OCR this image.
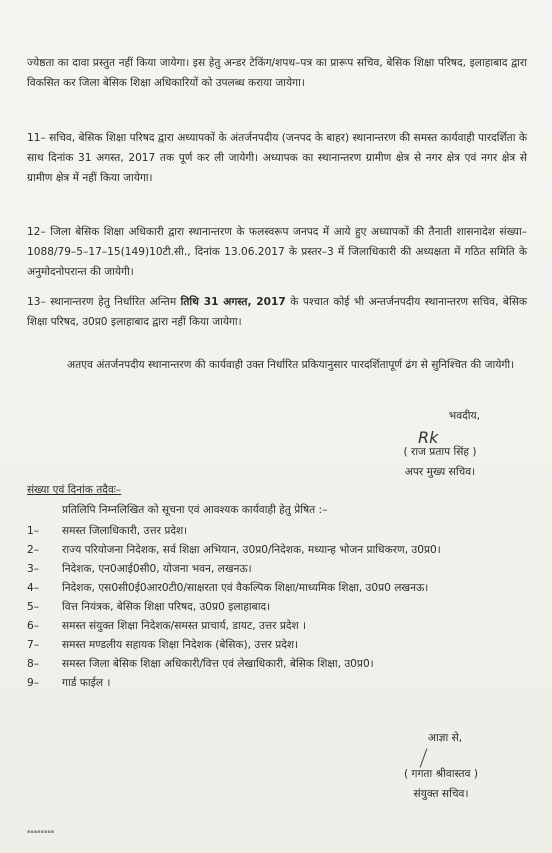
ज्येष्ठता का दावा प्रस्तुत नहीं किया जायेगा। इस हेतु अन्डर टेकिंग/शपथ–पत्र का प्रारूप सचिव, बेसिक शिक्षा परिषद, इलाहाबाद द्वारा विकसित कर जिला बेसिक शिक्षा अधिकारियों को उपलब्ध कराया जायेगा।
11– सचिव, बेसिक शिक्षा परिषद द्वारा अध्यापकों के अंतर्जनपदीय (जनपद के बाहर) स्थानान्तरण की समस्त कार्यवाही पारदर्शिता के साथ दिनांक 31 अगस्त, 2017 तक पूर्ण कर ली जायेगी। अध्यापक का स्थानान्तरण ग्रामीण क्षेत्र से नगर क्षेत्र एवं नगर क्षेत्र से ग्रामीण क्षेत्र में नहीं किया जायेगा।
12– जिला बेसिक शिक्षा अधिकारी द्वारा स्थानान्तरण के फलस्वरूप जनपद में आये हुए अध्यापकों की तैनाती शासनादेश संख्या–1088/79–5–17–15(149)10टी.सी., दिनांक 13.06.2017 के प्रस्तर–3 में जिलाधिकारी की अध्यक्षता में गठित समिति के अनुमोदनोपरान्त की जायेगी।
13– स्थानान्तरण हेतु निर्धारित अन्तिम तिथि 31 अगस्त, 2017 के पश्चात कोई भी अन्तर्जनपदीय स्थानान्तरण सचिव, बेसिक शिक्षा परिषद, उ0प्र0 इलाहाबाद द्वारा नहीं किया जायेगा।
अतएव अंतर्जनपदीय स्थानान्तरण की कार्यवाही उक्त निर्धारित प्रकियानुसार पारदर्शितापूर्ण ढंग से सुनिश्चित की जायेगी।
भवदीय,
Rk
( राज प्रताप सिंह )
अपर मुख्य सचिव।
संख्या एवं दिनांक तदैवः–
प्रतिलिपि निम्नलिखित को सूचना एवं आवश्यक कार्यवाही हेतु प्रेषित :–
1–	समस्त जिलाधिकारी, उत्तर प्रदेश।
2–	राज्य परियोजना निदेशक, सर्व शिक्षा अभियान, उ0प्र0/निदेशक, मध्यान्ह भोजन प्राधिकरण, उ0प्र0।
3–	निदेशक, एन0आई0सी0, योजना भवन, लखनऊ।
4–	निदेशक, एस0सी0ई0आर0टी0/साक्षरता एवं वैकल्पिक शिक्षा/माध्यमिक शिक्षा, उ0प्र0 लखनऊ।
5–	वित्त नियंत्रक, बेसिक शिक्षा परिषद, उ0प्र0 इलाहाबाद।
6–	समस्त संयुक्त शिक्षा निदेशक/समस्त प्राचार्य, डायट, उत्तर प्रदेश ।
7–	समस्त मण्डलीय सहायक शिक्षा निदेशक (बेसिक), उत्तर प्रदेश।
8–	समस्त जिला बेसिक शिक्षा अधिकारी/वित्त एवं लेखाधिकारी, बेसिक शिक्षा, उ0प्र0।
9–	गार्ड फाईल ।
आज्ञा से,
( गगता श्रीवास्तव )
संयुक्त सचिव।
▪▪▪▪▪▪▪▪
